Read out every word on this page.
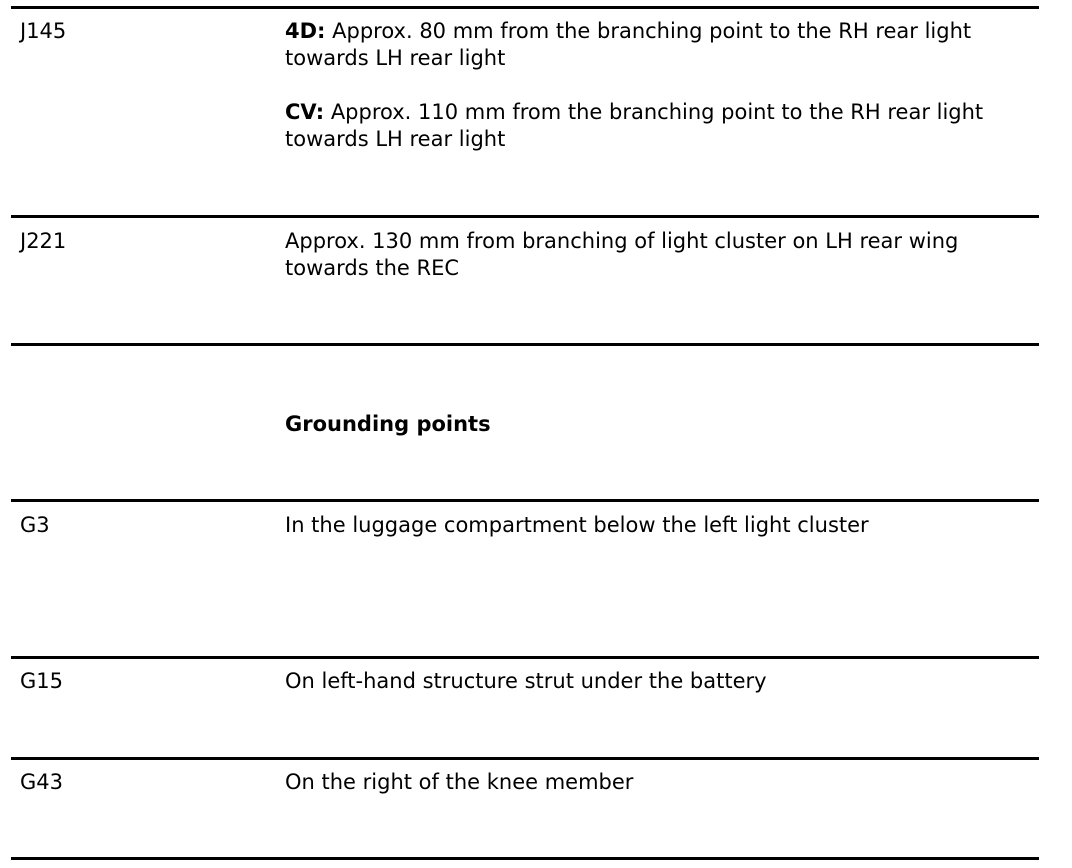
J145	4D: Approx. 80 mm from the branching point to the RH rear light towards LH rear light

CV: Approx. 110 mm from the branching point to the RH rear light towards LH rear light

J221	Approx. 130 mm from branching of light cluster on LH rear wing towards the REC
Grounding points
G3	In the luggage compartment below the left light cluster
G15	On left-hand structure strut under the battery
G43	On the right of the knee member
